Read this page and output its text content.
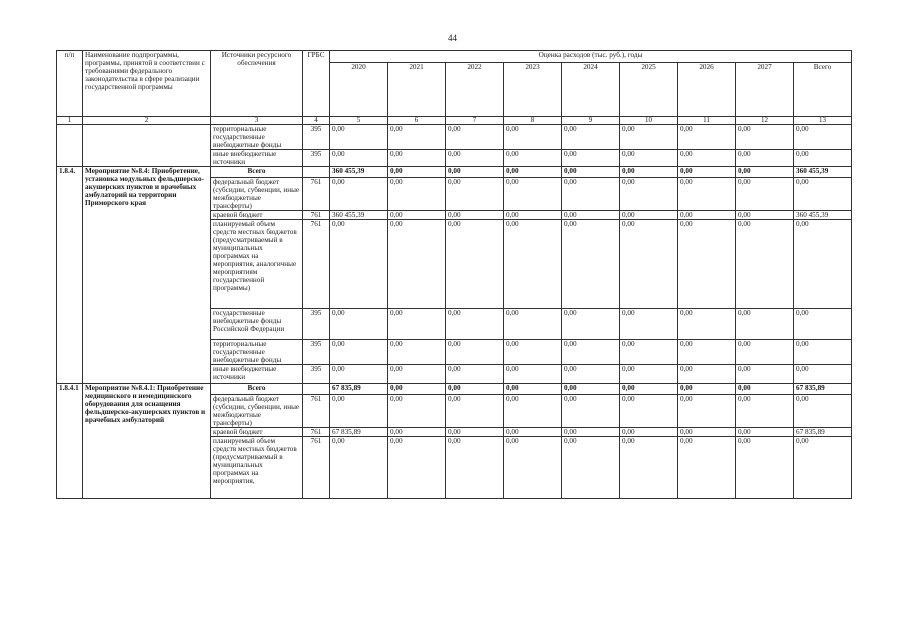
44
п/п	Наименование подпрограммы, программы, принятой в соответствии с требованиями федерального законодательства в сфере реализации государственной программы	Источники ресурсного обеспечения	ГРБС	Оценка расходов (тыс. руб.), годы								
				2020	2021	2022	2023	2024	2025	2026	2027	Всего
1	2	3	4	5	6	7	8	9	10	11	12	13
		территориальные государственные внебюджетные фонды	395	0,00	0,00	0,00	0,00	0,00	0,00	0,00	0,00	0,00
		иные внебюджетные источники	395	0,00	0,00	0,00	0,00	0,00	0,00	0,00	0,00	0,00
1.8.4.	Мероприятие №8.4: Приобретение, установка модульных фельдшерско-акушерских пунктов и врачебных амбулаторий на территории Приморского края	Всего		360 455,39	0,00	0,00	0,00	0,00	0,00	0,00	0,00	360 455,39
		федеральный бюджет (субсидии, субвенции, иные межбюджетные трансферты)	761	0,00	0,00	0,00	0,00	0,00	0,00	0,00	0,00	0,00
		краевой бюджет	761	360 455,39	0,00	0,00	0,00	0,00	0,00	0,00	0,00	360 455,39
		планируемый объем средств местных бюджетов (предусматриваемый в муниципальных программах на мероприятия, аналогичные мероприятиям государственной программы)	761	0,00	0,00	0,00	0,00	0,00	0,00	0,00	0,00	0,00
		государственные внебюджетные фонды Российской Федерации	395	0,00	0,00	0,00	0,00	0,00	0,00	0,00	0,00	0,00
		территориальные государственные внебюджетные фонды	395	0,00	0,00	0,00	0,00	0,00	0,00	0,00	0,00	0,00
		иные внебюджетные источники	395	0,00	0,00	0,00	0,00	0,00	0,00	0,00	0,00	0,00
1.8.4.1	Мероприятие №8.4.1: Приобретение медицинского и немедицинского оборудования для оснащения фельдшерско-акушерских пунктов и врачебных амбулаторий	Всего		67 835,89	0,00	0,00	0,00	0,00	0,00	0,00	0,00	67 835,89
		федеральный бюджет (субсидии, субвенции, иные межбюджетные трансферты)	761	0,00	0,00	0,00	0,00	0,00	0,00	0,00	0,00	0,00
		краевой бюджет	761	67 835,89	0,00	0,00	0,00	0,00	0,00	0,00	0,00	67 835,89
		планируемый объем средств местных бюджетов (предусматриваемый в муниципальных программах на мероприятия,	761	0,00	0,00	0,00	0,00	0,00	0,00	0,00	0,00	0,00
